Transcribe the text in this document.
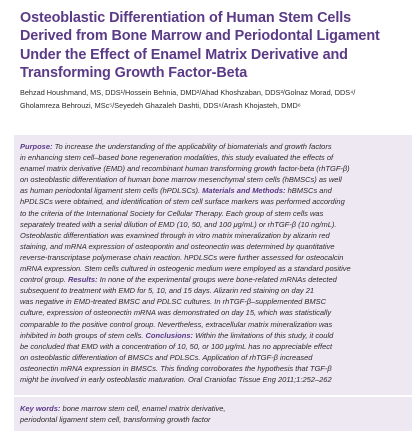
Osteoblastic Differentiation of Human Stem Cells
Derived from Bone Marrow and Periodontal Ligament
Under the Effect of Enamel Matrix Derivative and
Transforming Growth Factor-Beta
Behzad Houshmand, MS, DDS¹/Hossein Behnia, DMD²/Ahad Khoshzaban, DDS³/Golnaz Morad, DDS⁴/
Gholamreza Behrouzi, MSc⁵/Seyedeh Ghazaleh Dashti, DDS⁶/Arash Khojasteh, DMD⁶
Purpose: To increase the understanding of the applicability of biomaterials and growth factors
in enhancing stem cell–based bone regeneration modalities, this study evaluated the effects of
enamel matrix derivative (EMD) and recombinant human transforming growth factor-beta (rhTGF-β)
on osteoblastic differentiation of human bone marrow mesenchymal stem cells (hBMSCs) as well
as human periodontal ligament stem cells (hPDLSCs). Materials and Methods: hBMSCs and
hPDLSCs were obtained, and identification of stem cell surface markers was performed according
to the criteria of the International Society for Cellular Therapy. Each group of stem cells was
separately treated with a serial dilution of EMD (10, 50, and 100 μg/mL) or rhTGF-β (10 ng/mL).
Osteoblastic differentiation was examined through in vitro matrix mineralization by alizarin red
staining, and mRNA expression of osteopontin and osteonectin was determined by quantitative
reverse-transcriptase polymerase chain reaction. hPDLSCs were further assessed for osteocalcin
mRNA expression. Stem cells cultured in osteogenic medium were employed as a standard positive
control group. Results: In none of the experimental groups were bone-related mRNAs detected
subsequent to treatment with EMD for 5, 10, and 15 days. Alizarin red staining on day 21
was negative in EMD-treated BMSC and PDLSC cultures. In rhTGF-β–supplemented BMSC
culture, expression of osteonectin mRNA was demonstrated on day 15, which was statistically
comparable to the positive control group. Nevertheless, extracellular matrix mineralization was
inhibited in both groups of stem cells. Conclusions: Within the limitations of this study, it could
be concluded that EMD with a concentration of 10, 50, or 100 μg/mL has no appreciable effect
on osteoblastic differentiation of BMSCs and PDLSCs. Application of rhTGF-β increased
osteonectin mRNA expression in BMSCs. This finding corroborates the hypothesis that TGF-β
might be involved in early osteoblastic maturation. Oral Craniofac Tissue Eng 2011;1:252–262
Key words: bone marrow stem cell, enamel matrix derivative,
periodontal ligament stem cell, transforming growth factor
